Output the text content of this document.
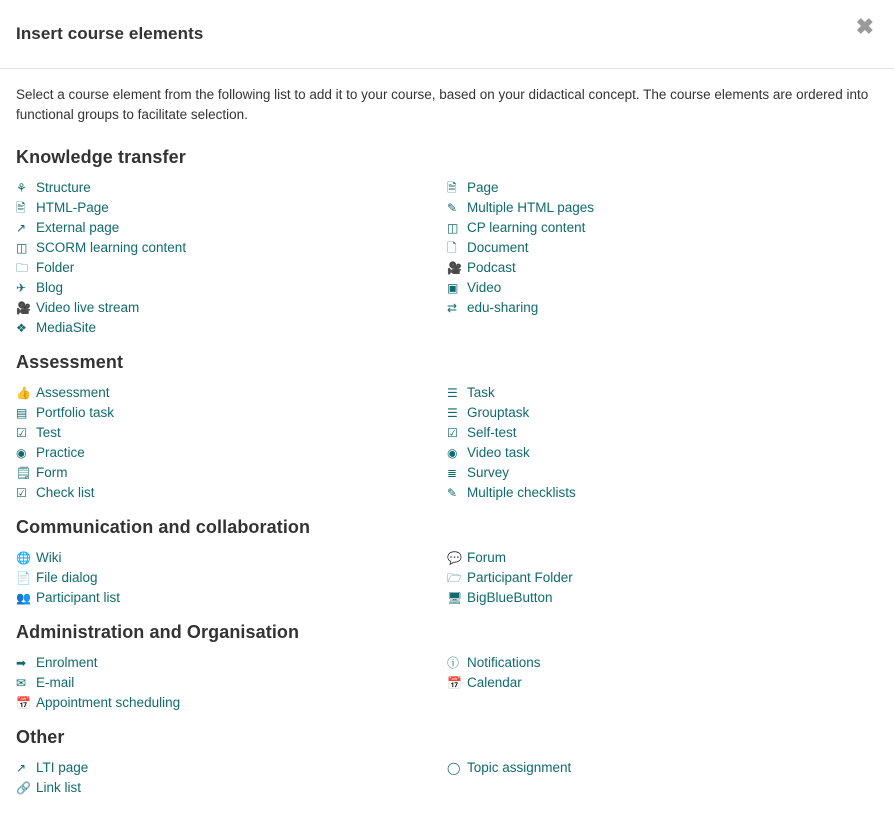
Insert course elements	✖

Select a course element from the following list to add it to your course, based on your didactical concept. The course elements are ordered into functional groups to facilitate selection.

Knowledge transfer
⚘ Structure
🖹 HTML-Page
↗ External page
◫ SCORM learning content
🗀 Folder
✈ Blog
🎥 Video live stream
❖ MediaSite
🗎 Page
✎ Multiple HTML pages
◫ CP learning content
🗋 Document
🎥 Podcast
▣ Video
⇄ edu-sharing
Assessment
👍 Assessment
▤ Portfolio task
☑ Test
◉ Practice
🗒 Form
☑ Check list
☰ Task
☰ Grouptask
☑ Self-test
◉ Video task
≣ Survey
✎ Multiple checklists
Communication and collaboration
🌐 Wiki
📄 File dialog
👥 Participant list
💬 Forum
🗁 Participant Folder
🖥 BigBlueButton
Administration and Organisation
➡ Enrolment
✉ E-mail
📅 Appointment scheduling
ⓘ Notifications
📅 Calendar
Other
↗ LTI page
🔗 Link list
◯ Topic assignment
